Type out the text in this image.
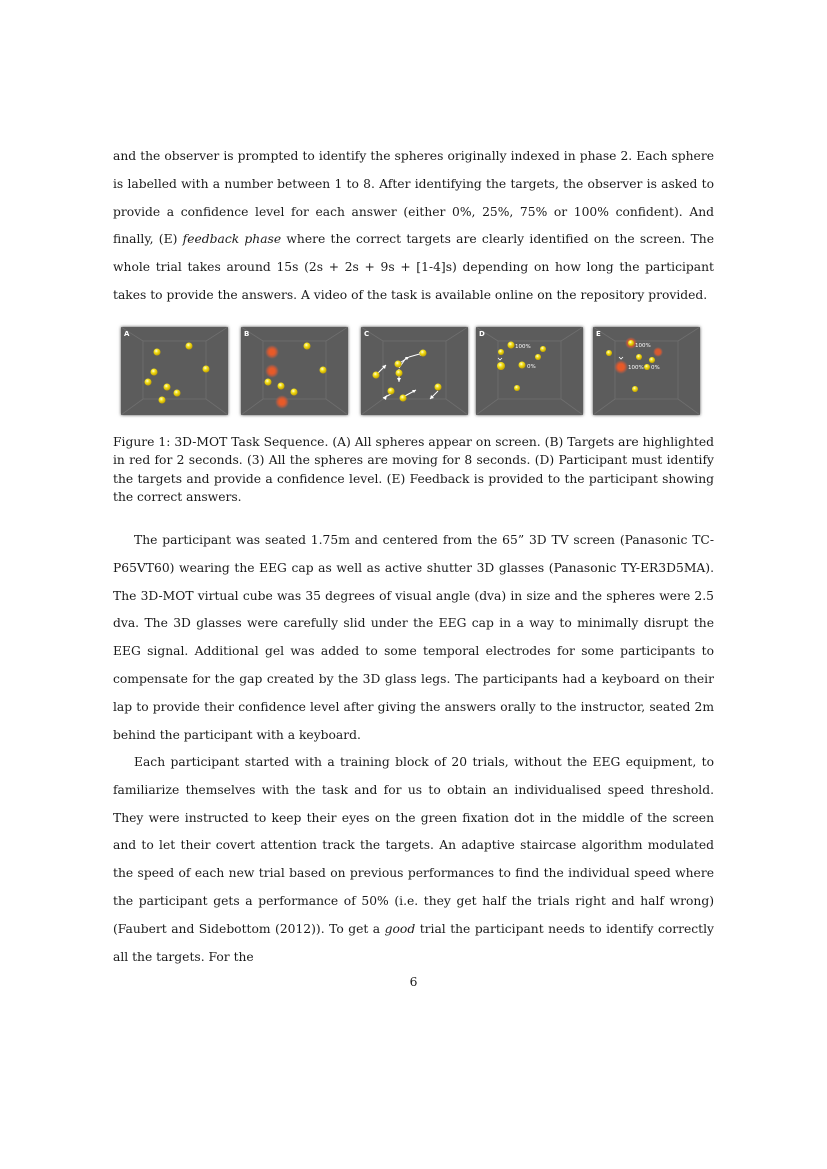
and the observer is prompted to identify the spheres originally indexed in phase 2. Each sphere is labelled with a number between 1 to 8. After identifying the targets, the observer is asked to provide a confidence level for each answer (either 0%, 25%, 75% or 100% confident). And finally, (E) feedback phase where the correct targets are clearly identified on the screen. The whole trial takes around 15s (2s + 2s + 9s + [1-4]s) depending on how long the participant takes to provide the answers. A video of the task is available online on the repository provided.

A	B	C	D
100%
0%
E
100%
100% 0%

Figure 1: 3D-MOT Task Sequence. (A) All spheres appear on screen. (B) Targets are highlighted in red for 2 seconds. (3) All the spheres are moving for 8 seconds. (D) Participant must identify the targets and provide a confidence level. (E) Feedback is provided to the participant showing the correct answers.

The participant was seated 1.75m and centered from the 65” 3D TV screen (Panasonic TC-P65VT60) wearing the EEG cap as well as active shutter 3D glasses (Panasonic TY-ER3D5MA). The 3D-MOT virtual cube was 35 degrees of visual angle (dva) in size and the spheres were 2.5 dva. The 3D glasses were carefully slid under the EEG cap in a way to minimally disrupt the EEG signal. Additional gel was added to some temporal electrodes for some participants to compensate for the gap created by the 3D glass legs. The participants had a keyboard on their lap to provide their confidence level after giving the answers orally to the instructor, seated 2m behind the participant with a keyboard.

Each participant started with a training block of 20 trials, without the EEG equipment, to familiarize themselves with the task and for us to obtain an individualised speed threshold. They were instructed to keep their eyes on the green fixation dot in the middle of the screen and to let their covert attention track the targets. An adaptive staircase algorithm modulated the speed of each new trial based on previous performances to find the individual speed where the participant gets a performance of 50% (i.e. they get half the trials right and half wrong) (Faubert and Sidebottom (2012)). To get a good trial the participant needs to identify correctly all the targets. For the

6
